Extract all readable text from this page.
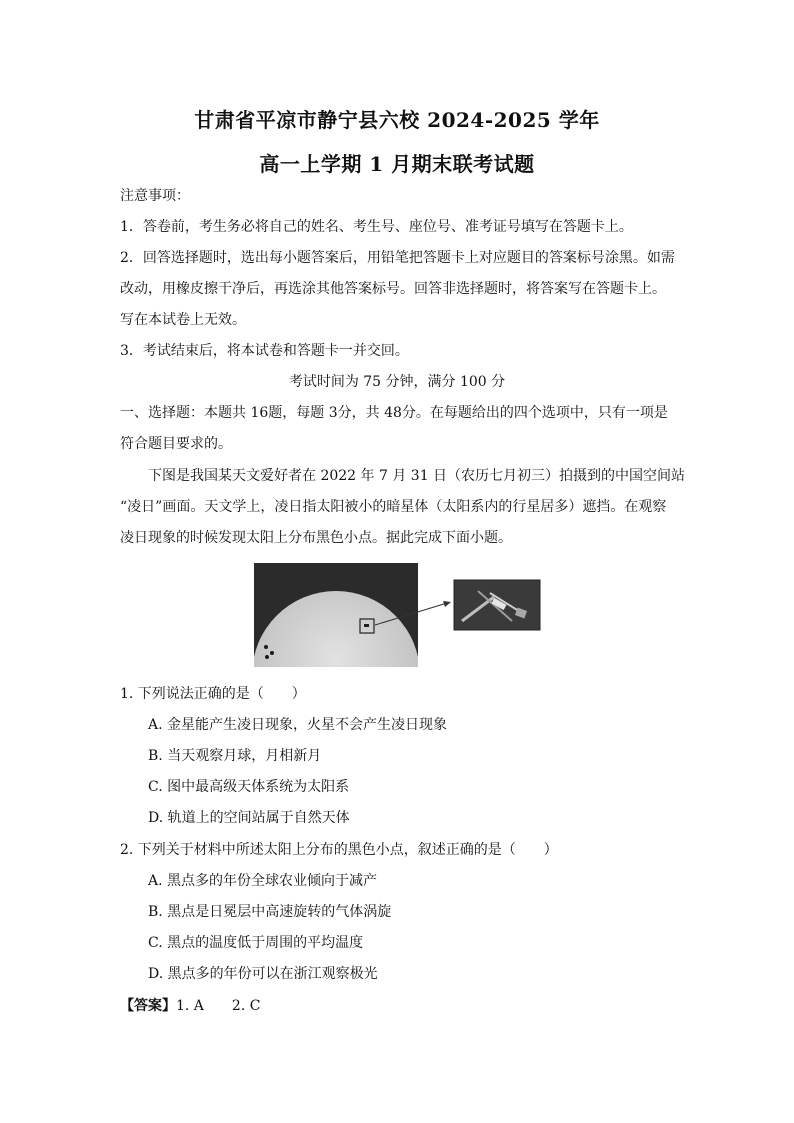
甘肃省平凉市静宁县六校 2024-2025 学年
高一上学期 1 月期末联考试题
注意事项：
1．答卷前，考生务必将自己的姓名、考生号、座位号、准考证号填写在答题卡上。
2．回答选择题时，选出每小题答案后，用铅笔把答题卡上对应题目的答案标号涂黑。如需
改动，用橡皮擦干净后，再选涂其他答案标号。回答非选择题时，将答案写在答题卡上。
写在本试卷上无效。
3．考试结束后，将本试卷和答题卡一并交回。
考试时间为 75 分钟，满分 100 分
一、选择题：本题共 16题，每题 3分，共 48分。在每题给出的四个选项中，只有一项是
符合题目要求的。
下图是我国某天文爱好者在 2022 年 7 月 31 日（农历七月初三）拍摄到的中国空间站
“凌日”画面。天文学上，凌日指太阳被小的暗星体（太阳系内的行星居多）遮挡。在观察
凌日现象的时候发现太阳上分布黑色小点。据此完成下面小题。
1. 下列说法正确的是（　　）
A. 金星能产生凌日现象，火星不会产生凌日现象
B. 当天观察月球，月相新月
C. 图中最高级天体系统为太阳系
D. 轨道上的空间站属于自然天体
2. 下列关于材料中所述太阳上分布的黑色小点，叙述正确的是（　　）
A. 黑点多的年份全球农业倾向于减产
B. 黑点是日冕层中高速旋转的气体涡旋
C. 黑点的温度低于周围的平均温度
D. 黑点多的年份可以在浙江观察极光
【答案】1. A　　2. C
